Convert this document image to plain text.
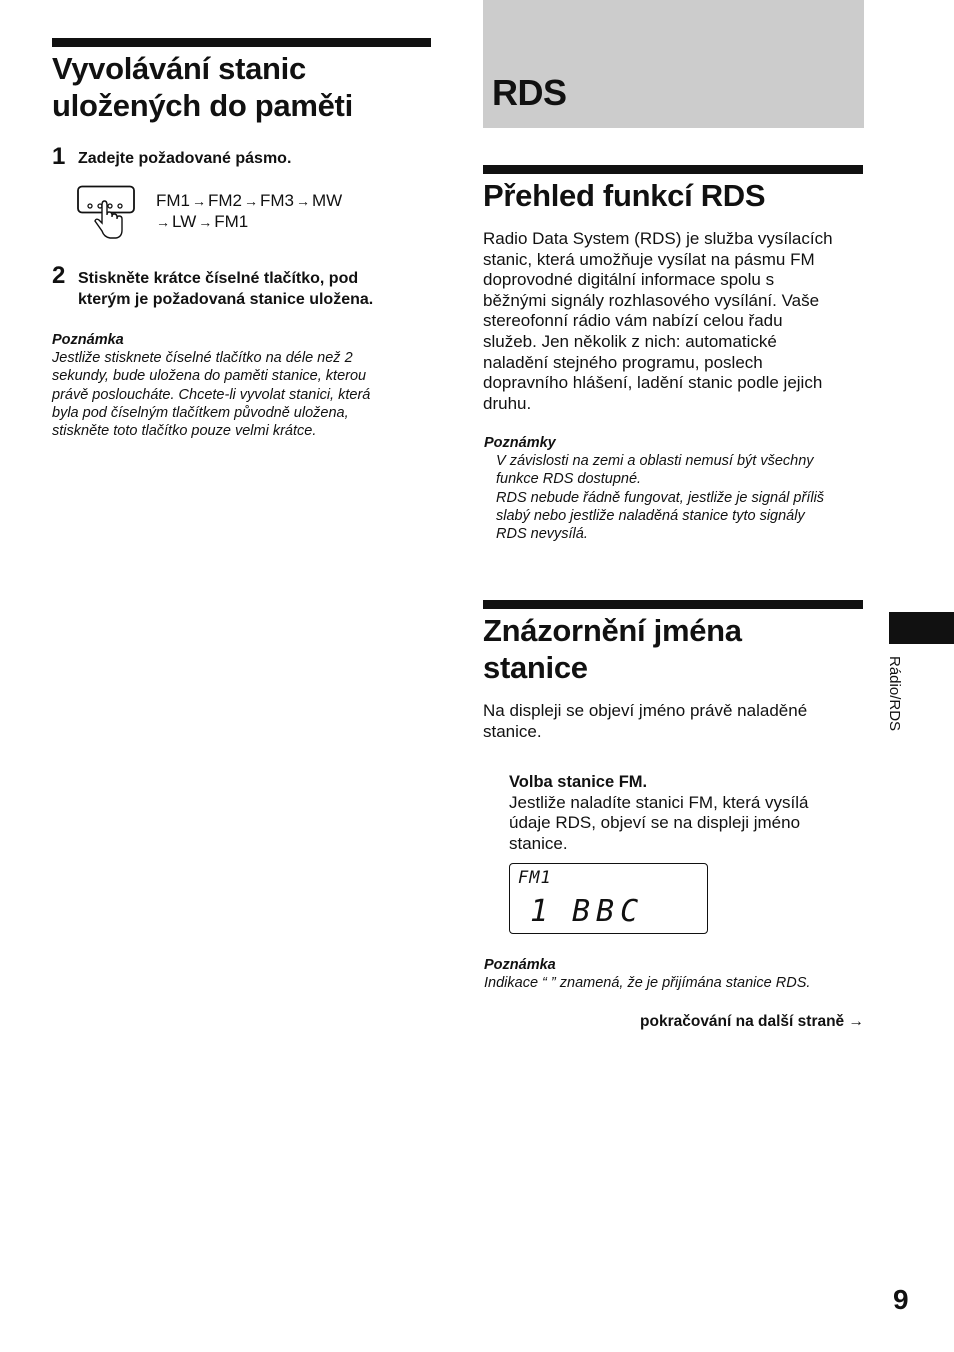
Vyvolávání stanic
uložených do paměti
1 Zadejte požadované pásmo.
FM1 → FM2 → FM3 → MW
→ LW → FM1
2 Stiskněte krátce číselné tlačítko, pod
kterým je požadovaná stanice uložena.
Poznámka
Jestliže stisknete číselné tlačítko na déle než 2
sekundy, bude uložena do paměti stanice, kterou
právě posloucháte. Chcete-li vyvolat stanici, která
byla pod číselným tlačítkem původně uložena,
stiskněte toto tlačítko pouze velmi krátce.
RDS
Přehled funkcí RDS
Radio Data System (RDS) je služba vysílacích
stanic, která umožňuje vysílat na pásmu FM
doprovodné digitální informace spolu s
běžnými signály rozhlasového vysílání. Vaše
stereofonní rádio vám nabízí celou řadu
služeb. Jen několik z nich: automatické
naladění stejného programu, poslech
dopravního hlášení, ladění stanic podle jejich
druhu.
Poznámky
V závislosti na zemi a oblasti nemusí být všechny
funkce RDS dostupné.
RDS nebude řádně fungovat, jestliže je signál příliš
slabý nebo jestliže naladěná stanice tyto signály
RDS nevysílá.
Znázornění jména
stanice
Na displeji se objeví jméno právě naladěné
stanice.
Volba stanice FM.
Jestliže naladíte stanici FM, která vysílá
údaje RDS, objeví se na displeji jméno
stanice.
FM1
1 BBC
Poznámka
Indikace “ ” znamená, že je přijímána stanice RDS.
pokračování na další straně →
Rádio/RDS
9
